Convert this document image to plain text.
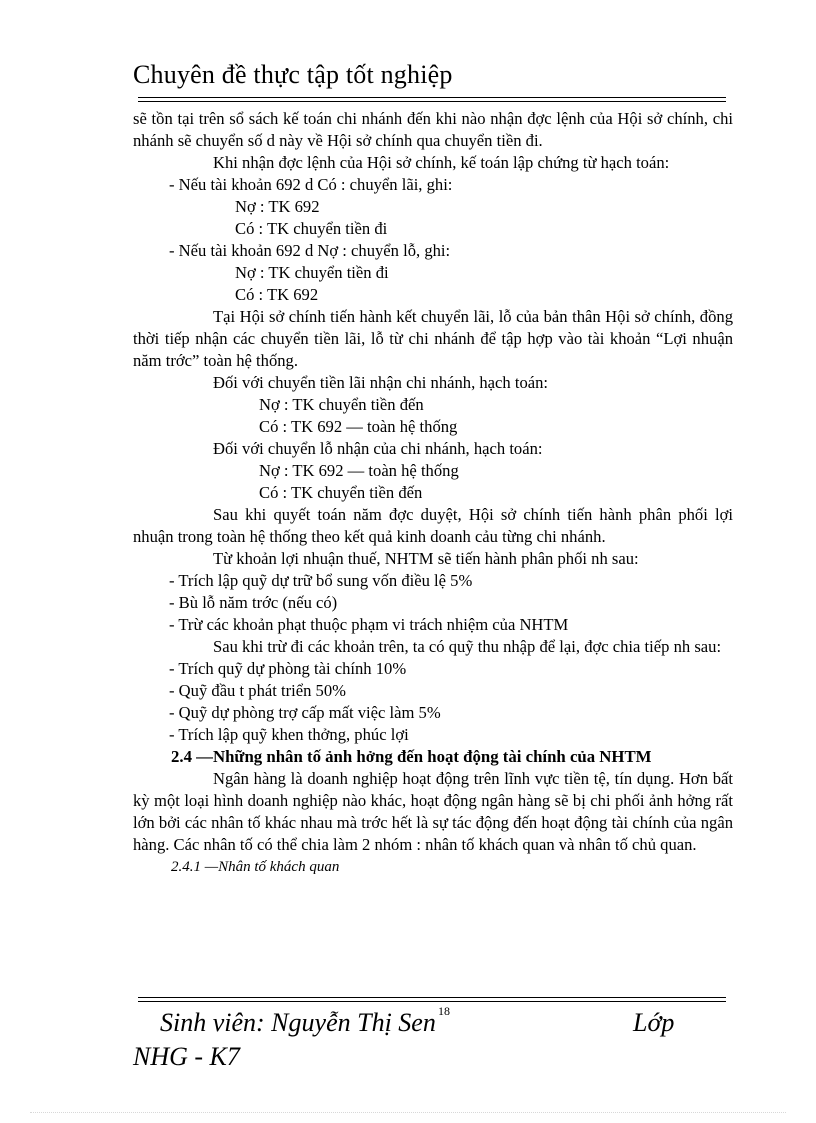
Chuyên đề thực tập tốt nghiệp

sẽ tồn tại trên sổ sách kế toán chi nhánh đến khi nào nhận đợc lệnh của Hội sở chính, chi nhánh sẽ chuyển số d này về Hội sở chính qua chuyển tiền đi.

Khi nhận đợc lệnh của Hội sở chính, kế toán lập chứng từ hạch toán:

- Nếu tài khoản 692 d Có : chuyển lãi, ghi:

Nợ : TK 692

Có : TK chuyển tiền đi

- Nếu tài khoản 692 d Nợ : chuyển lỗ, ghi:

Nợ : TK chuyển tiền đi

Có : TK 692

Tại Hội sở chính tiến hành kết chuyển lãi, lỗ của bản thân Hội sở chính, đồng thời tiếp nhận các chuyển tiền lãi, lỗ từ chi nhánh để tập hợp vào tài khoản “Lợi nhuận năm trớc” toàn hệ thống.

Đối với chuyển tiền lãi nhận chi nhánh, hạch toán:

Nợ : TK chuyển tiền đến

Có : TK 692 — toàn hệ thống

Đối với chuyển lỗ nhận của chi nhánh, hạch toán:

Nợ : TK 692 — toàn hệ thống

Có : TK chuyển tiền đến

Sau khi quyết toán năm đợc duyệt, Hội sở chính tiến hành phân phối lợi nhuận trong toàn hệ thống theo kết quả kinh doanh cảu từng chi nhánh.

Từ khoản lợi nhuận thuế, NHTM sẽ tiến hành phân phối nh sau:

- Trích lập quỹ dự trữ bổ sung vốn điều lệ 5%

- Bù lỗ năm trớc (nếu có)

- Trừ các khoản phạt thuộc phạm vi trách nhiệm của NHTM

Sau khi trừ đi các khoản trên, ta có quỹ thu nhập để lại, đợc chia tiếp nh sau:

- Trích quỹ dự phòng tài chính 10%

- Quỹ đầu t phát triển 50%

- Quỹ dự phòng trợ cấp mất việc làm 5%

- Trích lập quỹ khen thởng, phúc lợi

2.4 —Những nhân tố ảnh hởng đến hoạt động tài chính của NHTM

Ngân hàng là doanh nghiệp hoạt động trên lĩnh vực tiền tệ, tín dụng. Hơn bất kỳ một loại hình doanh nghiệp nào khác, hoạt động ngân hàng sẽ bị chi phối ảnh hởng rất lớn bởi các nhân tố khác nhau mà trớc hết là sự tác động đến hoạt động tài chính của ngân hàng. Các nhân tố có thể chia làm 2 nhóm : nhân tố khách quan và nhân tố chủ quan.

2.4.1 —Nhân tố khách quan

18
Sinh viên: Nguyễn Thị Sen	Lớp
NHG - K7
